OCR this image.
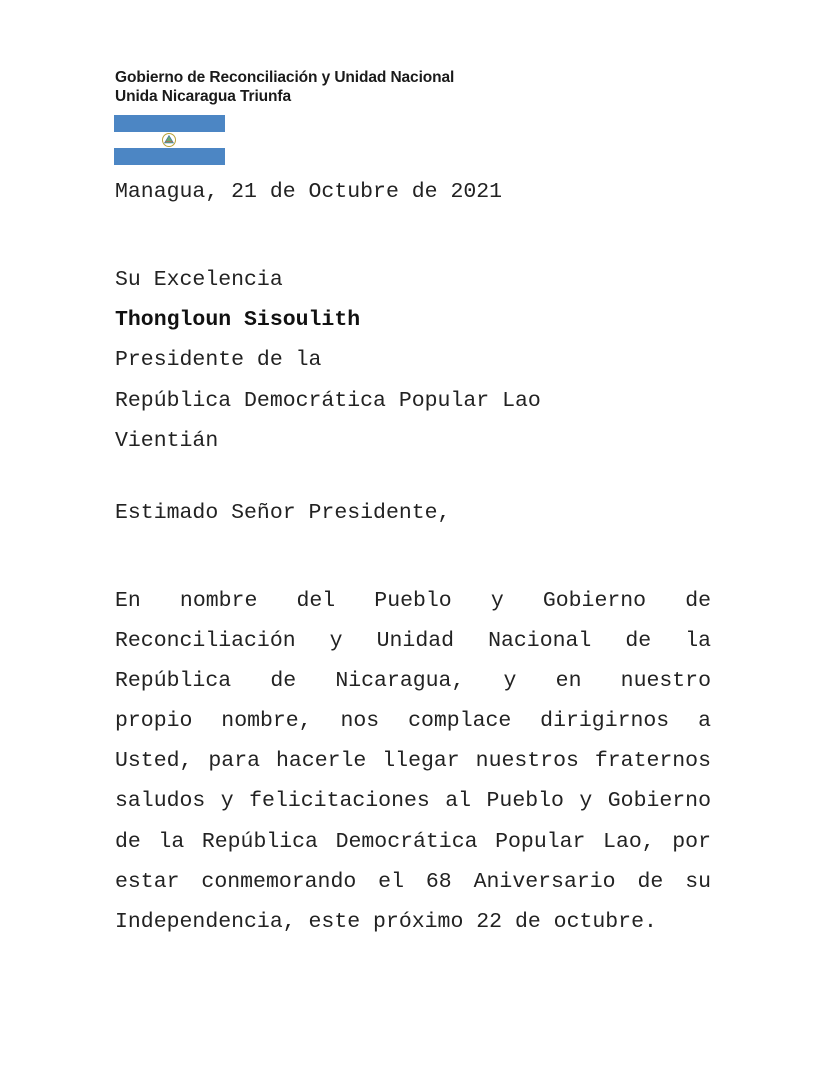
Gobierno de Reconciliación y Unidad Nacional
Unida Nicaragua Triunfa
Managua, 21 de Octubre de 2021
Su Excelencia
Thongloun Sisoulith
Presidente de la
República Democrática Popular Lao
Vientián
Estimado Señor Presidente,
En nombre del Pueblo y Gobierno de
Reconciliación y Unidad Nacional de la
República de Nicaragua, y en nuestro
propio nombre, nos complace dirigirnos a
Usted, para hacerle llegar nuestros fraternos
saludos y felicitaciones al Pueblo y Gobierno
de la República Democrática Popular Lao, por
estar conmemorando el 68 Aniversario de su
Independencia, este próximo 22 de octubre.
